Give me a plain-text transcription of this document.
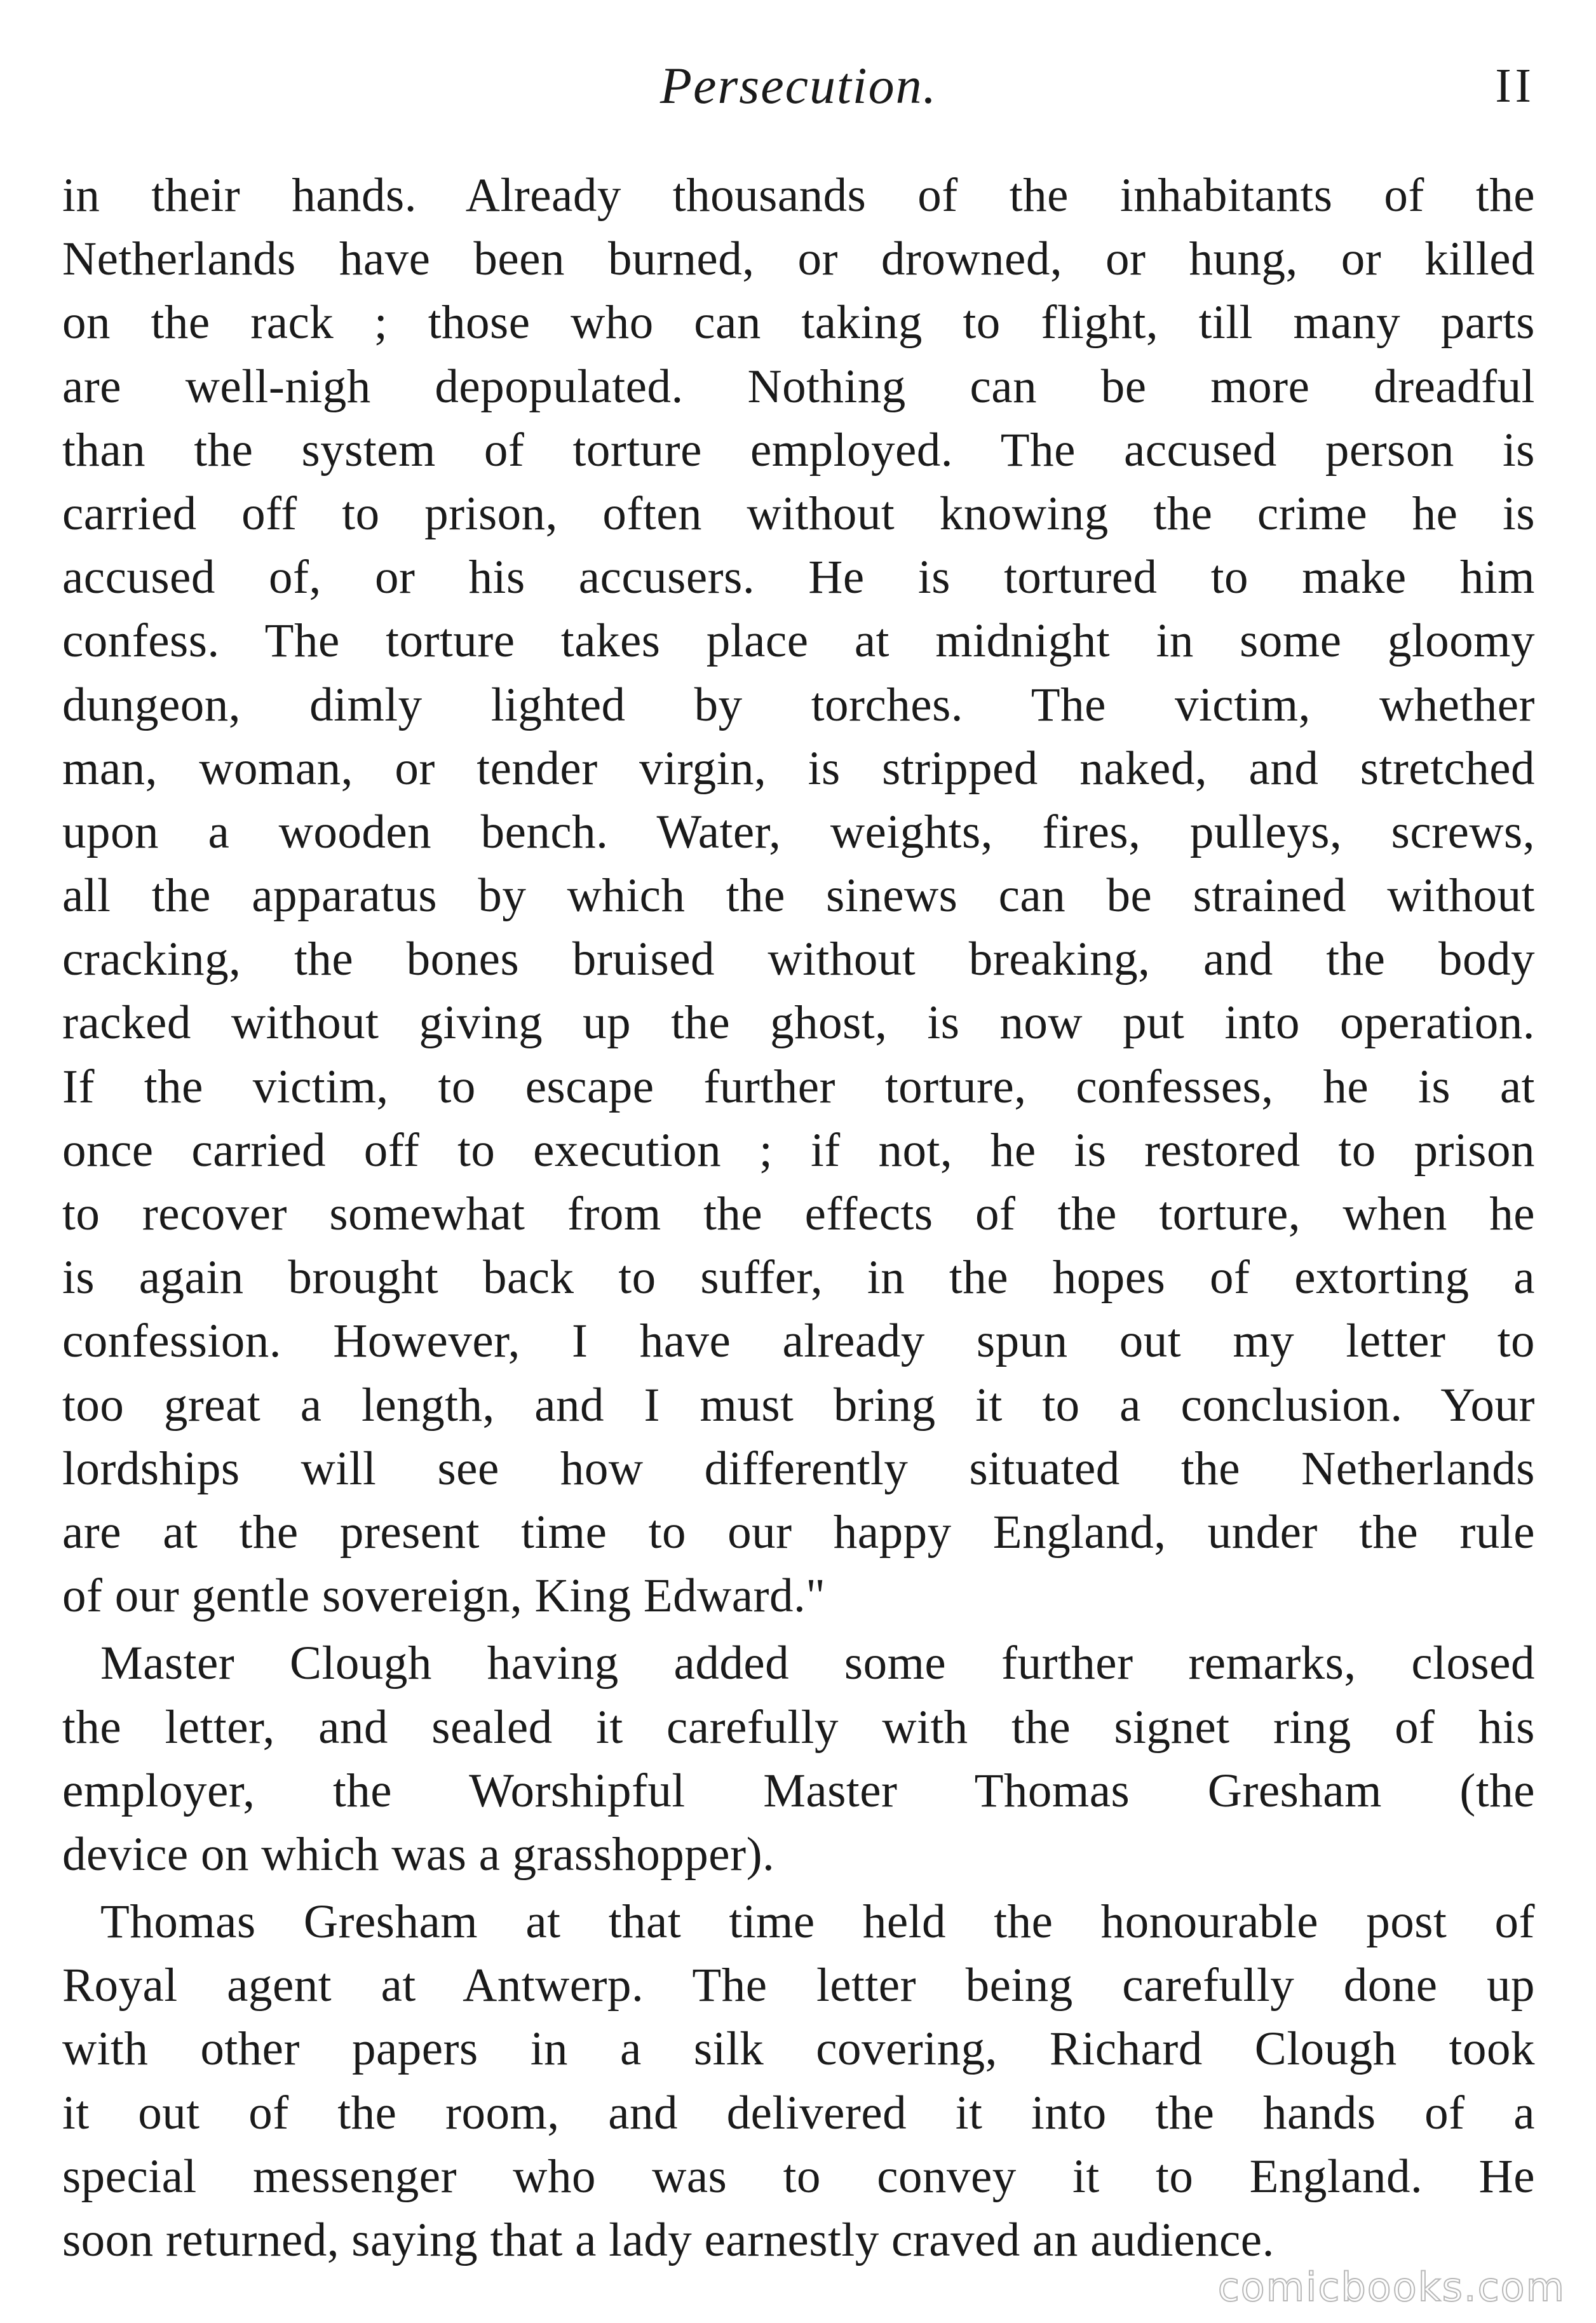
Persecution.	II
in their hands. Already thousands of the inhabitants of the
Netherlands have been burned, or drowned, or hung, or killed
on the rack ; those who can taking to flight, till many parts
are well-nigh depopulated. Nothing can be more dreadful
than the system of torture employed. The accused person is
carried off to prison, often without knowing the crime he is
accused of, or his accusers. He is tortured to make him
confess. The torture takes place at midnight in some gloomy
dungeon, dimly lighted by torches. The victim, whether
man, woman, or tender virgin, is stripped naked, and stretched
upon a wooden bench. Water, weights, fires, pulleys, screws,
all the apparatus by which the sinews can be strained without
cracking, the bones bruised without breaking, and the body
racked without giving up the ghost, is now put into operation.
If the victim, to escape further torture, confesses, he is at
once carried off to execution ; if not, he is restored to prison
to recover somewhat from the effects of the torture, when he
is again brought back to suffer, in the hopes of extorting a
confession. However, I have already spun out my letter to
too great a length, and I must bring it to a conclusion. Your
lordships will see how differently situated the Netherlands
are at the present time to our happy England, under the rule
of our gentle sovereign, King Edward."
Master Clough having added some further remarks, closed
the letter, and sealed it carefully with the signet ring of his
employer, the Worshipful Master Thomas Gresham (the
device on which was a grasshopper).
Thomas Gresham at that time held the honourable post of
Royal agent at Antwerp. The letter being carefully done up
with other papers in a silk covering, Richard Clough took
it out of the room, and delivered it into the hands of a
special messenger who was to convey it to England. He
soon returned, saying that a lady earnestly craved an audience.
comicbooks.com
